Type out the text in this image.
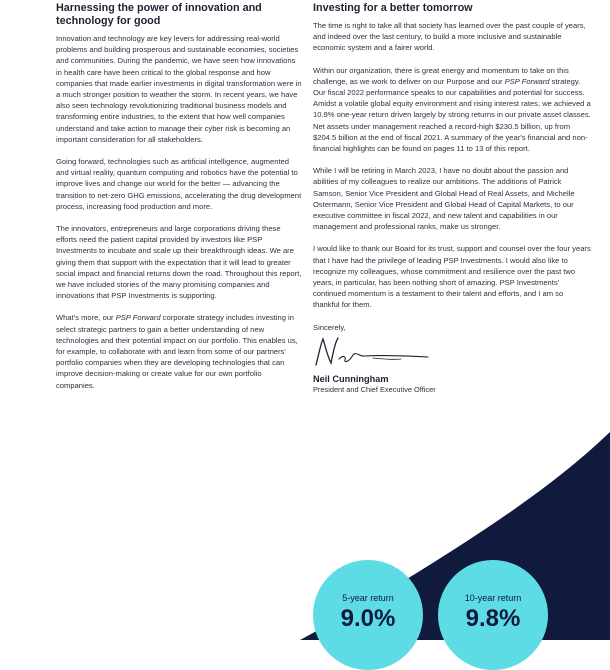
Harnessing the power of innovation and technology for good

Innovation and technology are key levers for addressing real-world problems and building prosperous and sustainable economies, societies and communities. During the pandemic, we have seen how innovations in health care have been critical to the global response and how companies that made earlier investments in digital transformation were in a much stronger position to weather the storm. In recent years, we have also seen technology revolutionizing traditional business models and transforming entire industries, to the extent that how well companies understand and take action to manage their cyber risk is becoming an important consideration for all stakeholders.

Going forward, technologies such as artificial intelligence, augmented and virtual reality, quantum computing and robotics have the potential to improve lives and change our world for the better — advancing the transition to net-zero GHG emissions, accelerating the drug development process, increasing food production and more.

The innovators, entrepreneurs and large corporations driving these efforts need the patient capital provided by investors like PSP Investments to incubate and scale up their breakthrough ideas. We are giving them that support with the expectation that it will lead to greater social impact and financial returns down the road. Throughout this report, we have included stories of the many promising companies and innovations that PSP Investments is supporting.

What's more, our PSP Forward corporate strategy includes investing in select strategic partners to gain a better understanding of new technologies and their potential impact on our portfolio. This enables us, for example, to collaborate with and learn from some of our partners' portfolio companies when they are developing technologies that can improve decision-making or create value for our own portfolio companies.

Investing for a better tomorrow

The time is right to take all that society has learned over the past couple of years, and indeed over the last century, to build a more inclusive and sustainable economic system and a fairer world.

Within our organization, there is great energy and momentum to take on this challenge, as we work to deliver on our Purpose and our PSP Forward strategy. Our fiscal 2022 performance speaks to our capabilities and potential for success. Amidst a volatile global equity environment and rising interest rates, we achieved a 10.9% one-year return driven largely by strong returns in our private asset classes. Net assets under management reached a record-high $230.5 billion, up from $204.5 billion at the end of fiscal 2021. A summary of the year's financial and non-financial highlights can be found on pages 11 to 13 of this report.

While I will be retiring in March 2023, I have no doubt about the passion and abilities of my colleagues to realize our ambitions. The additions of Patrick Samson, Senior Vice President and Global Head of Real Assets, and Michelle Ostermann, Senior Vice President and Global Head of Capital Markets, to our executive committee in fiscal 2022, and new talent and capabilities in our management and professional ranks, make us stronger.

I would like to thank our Board for its trust, support and counsel over the four years that I have had the privilege of leading PSP Investments. I would also like to recognize my colleagues, whose commitment and resilience over the past two years, in particular, has been nothing short of amazing. PSP Investments' continued momentum is a testament to their talent and efforts, and I am so thankful for them.

Sincerely,

Neil Cunningham
President and Chief Executive Officer
5-year return
9.0%
10-year return
9.8%
